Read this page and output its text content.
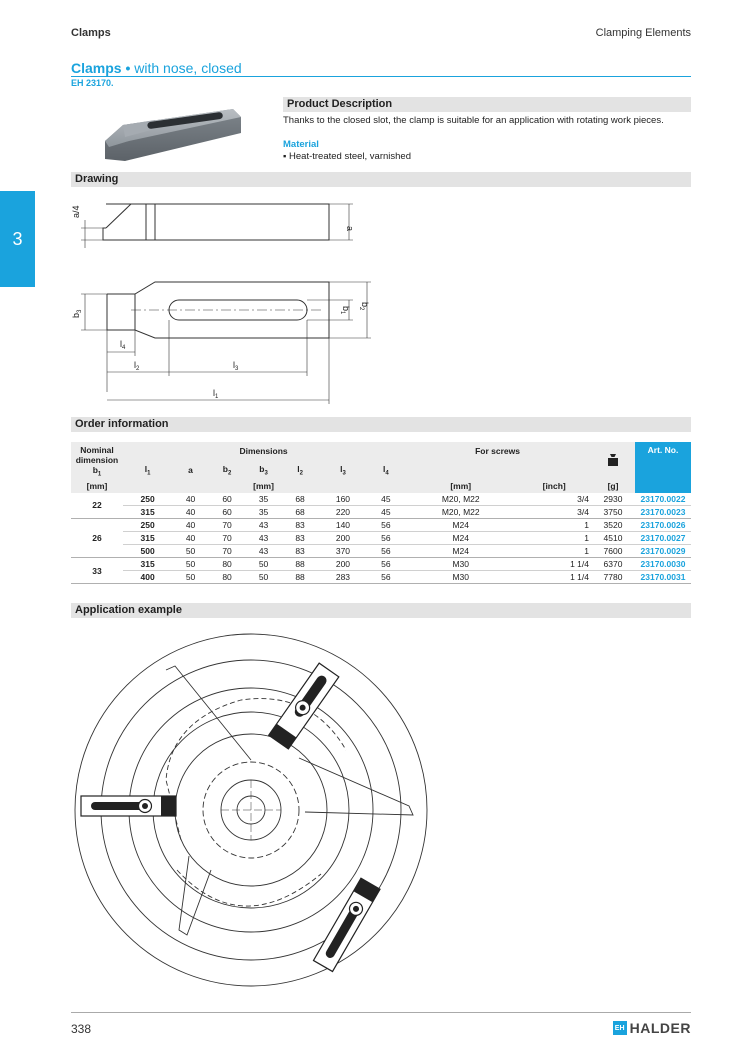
Clamps	Clamping Elements
3
Clamps • with nose, closed
EH 23170.
Product Description
Thanks to the closed slot, the clamp is suitable for an application with rotating work pieces.
Material
▪ Heat-treated steel, varnished
Drawing
a/4
a
$b_3$
$b_1$
$b_2$
$l_4$
$l_2$	$l_3$
$l_1$
Order information
Nominal
dimension
$b_1$	Dimensions							For screws			Art. No.
	$l_1$	a	$b_2$	$b_3$	$l_2$	$l_3$	$l_4$	
[mm]	[mm]							[mm]	[inch]	[g]	
22	250	40	60	35	68	160	45	M20, M22	3/4	2930	23170.0022
	315	40	60	35	68	220	45	M20, M22	3/4	3750	23170.0023
26	250	40	70	43	83	140	56	M24	1	3520	23170.0026
	315	40	70	43	83	200	56	M24	1	4510	23170.0027
	500	50	70	43	83	370	56	M24	1	7600	23170.0029
33	315	50	80	50	88	200	56	M30	1 1/4	6370	23170.0030
	400	50	80	50	88	283	56	M30	1 1/4	7780	23170.0031
Application example
338	EH HALDER
